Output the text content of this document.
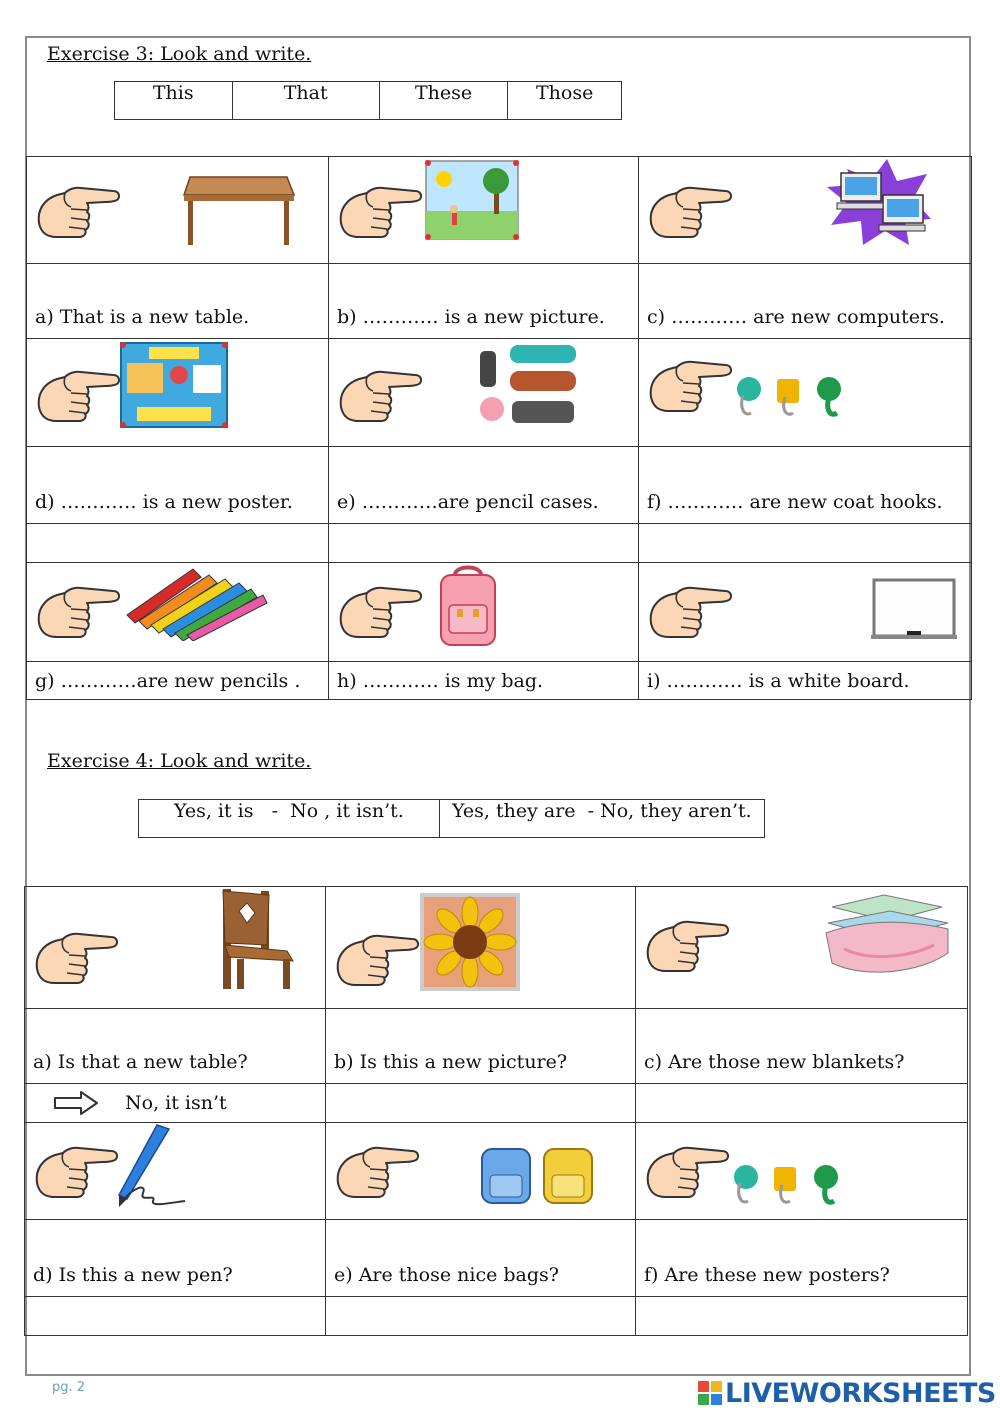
Exercise 3: Look and write.
This	That	These	Those

a) That is a new table.	b) ………… is a new picture.	c) ………… are new computers.

d) ………… is a new poster.	e) …………are pencil cases.	f) ………… are new coat hooks.

g) …………are new pencils .	h) ………… is my bag.	i) ………… is a white board.
Exercise 4: Look and write.
Yes, it is   -  No , it isn’t.	Yes, they are  - No, they aren’t.

a) Is that a new table?	b) Is this a new picture?	c) Are those new blankets?

No, it isn’t		

d) Is this a new pen?	e) Are those nice bags?	f) Are these new posters?

pg. 2	LIVEWORKSHEETS
